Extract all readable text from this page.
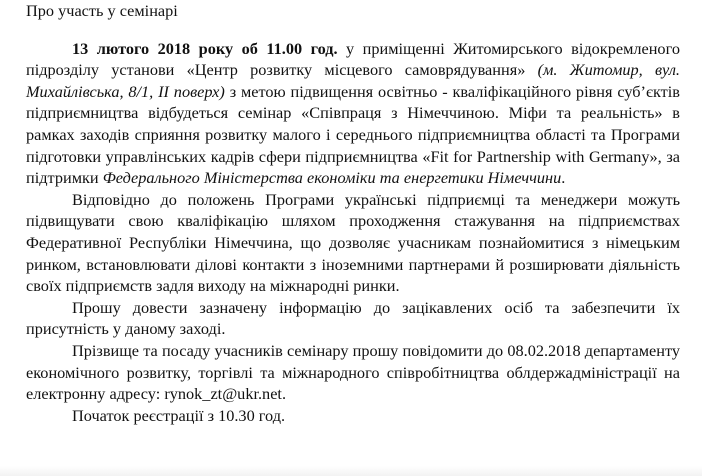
Про участь у семінарі

13 лютого 2018 року об 11.00 год. у приміщенні Житомирського відокремленого підрозділу установи «Центр розвитку місцевого самоврядування» (м. Житомир, вул. Михайлівська, 8/1, ІІ поверх) з метою підвищення освітньо - кваліфікаційного рівня суб’єктів підприємництва відбудеться семінар «Співпраця з Німеччиною. Міфи та реальність» в рамках заходів сприяння розвитку малого і середнього підприємництва області та Програми підготовки управлінських кадрів сфери підприємництва «Fit for Partnership with Germany», за підтримки Федерального Міністерства економіки та енергетики Німеччини.

Відповідно до положень Програми українські підприємці та менеджери можуть підвищувати свою кваліфікацію шляхом проходження стажування на підприємствах Федеративної Республіки Німеччина, що дозволяє учасникам познайомитися з німецьким ринком, встановлювати ділові контакти з іноземними партнерами й розширювати діяльність своїх підприємств задля виходу на міжнародні ринки.

Прошу довести зазначену інформацію до зацікавлених осіб та забезпечити їх присутність у даному заході.

Прізвище та посаду учасників семінару прошу повідомити до 08.02.2018 департаменту економічного розвитку, торгівлі та міжнародного співробітництва облдержадміністрації на електронну адресу: rynok_zt@ukr.net.

Початок реєстрації з 10.30 год.
